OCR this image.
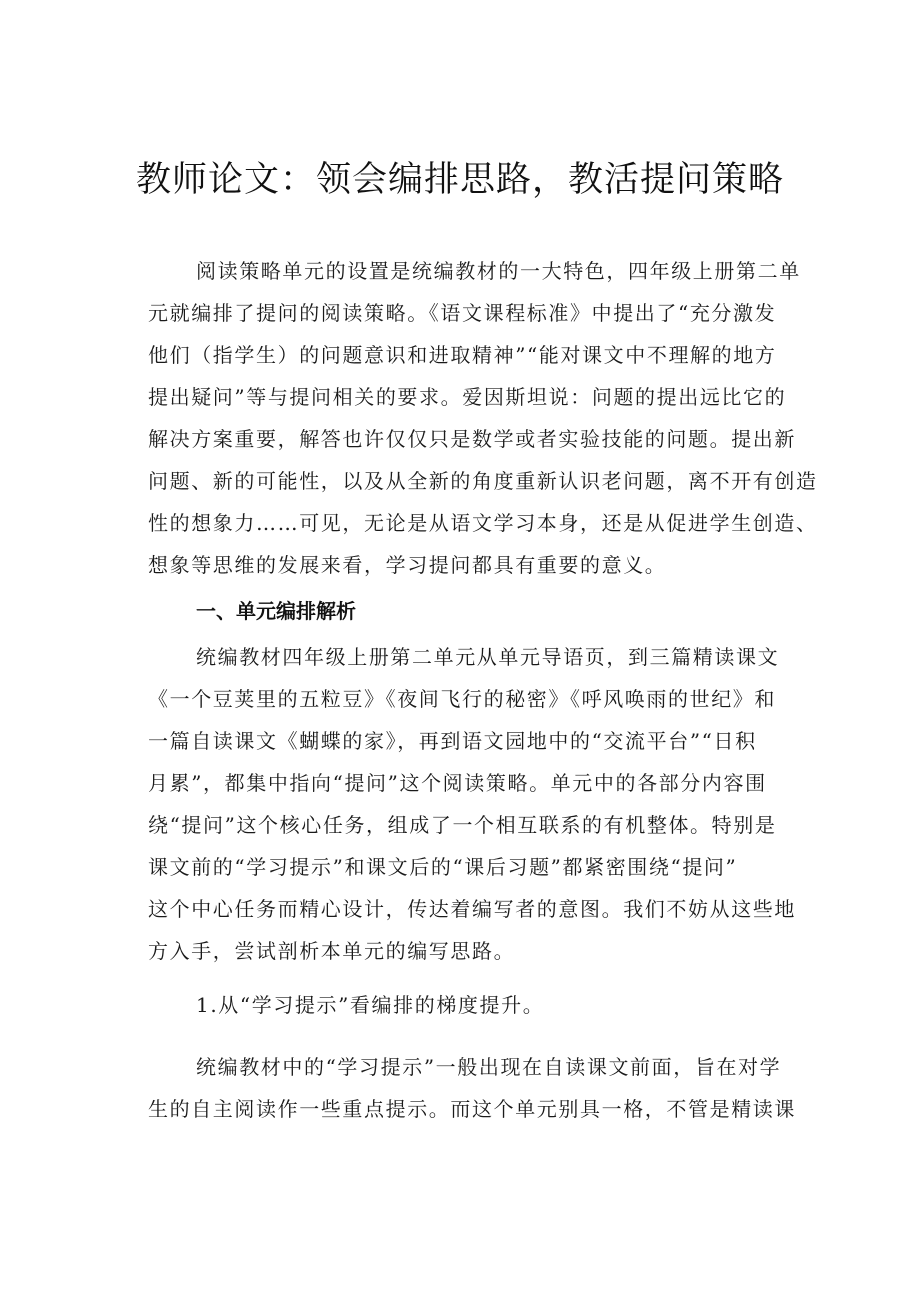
教师论文：领会编排思路，教活提问策略
阅读策略单元的设置是统编教材的一大特色，四年级上册第二单
元就编排了提问的阅读策略。《语文课程标准》中提出了“充分激发
他们（指学生）的问题意识和进取精神”“能对课文中不理解的地方
提出疑问”等与提问相关的要求。爱因斯坦说：问题的提出远比它的
解决方案重要，解答也许仅仅只是数学或者实验技能的问题。提出新
问题、新的可能性，以及从全新的角度重新认识老问题，离不开有创造
性的想象力……可见，无论是从语文学习本身，还是从促进学生创造、
想象等思维的发展来看，学习提问都具有重要的意义。
一、单元编排解析
统编教材四年级上册第二单元从单元导语页，到三篇精读课文
《一个豆荚里的五粒豆》《夜间飞行的秘密》《呼风唤雨的世纪》和
一篇自读课文《蝴蝶的家》，再到语文园地中的“交流平台”“日积
月累”，都集中指向“提问”这个阅读策略。单元中的各部分内容围
绕“提问”这个核心任务，组成了一个相互联系的有机整体。特别是
课文前的“学习提示”和课文后的“课后习题”都紧密围绕“提问”
这个中心任务而精心设计，传达着编写者的意图。我们不妨从这些地
方入手，尝试剖析本单元的编写思路。
1.从“学习提示”看编排的梯度提升。
统编教材中的“学习提示”一般出现在自读课文前面，旨在对学
生的自主阅读作一些重点提示。而这个单元别具一格，不管是精读课
